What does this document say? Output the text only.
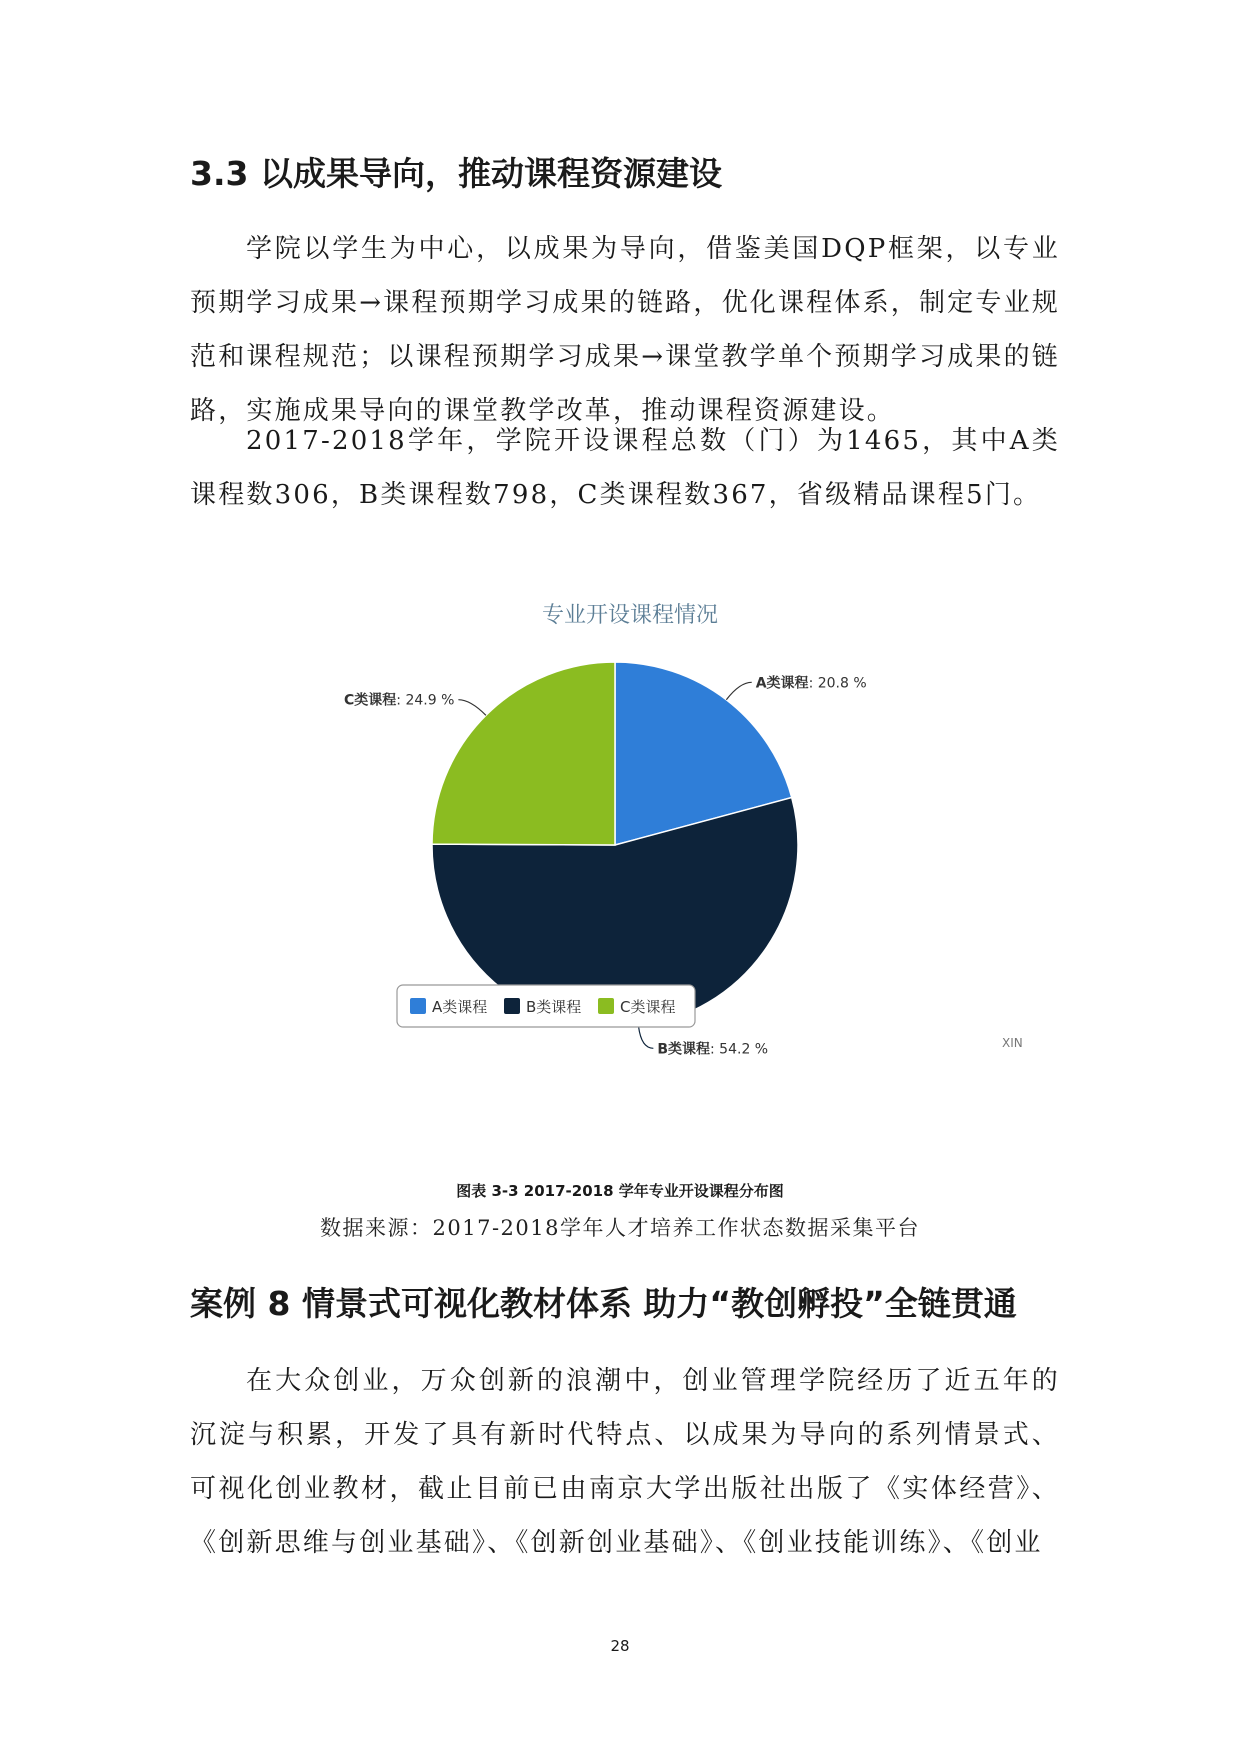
3.3 以成果导向，推动课程资源建设

学院以学生为中心，以成果为导向，借鉴美国DQP框架，以专业预期学习成果→课程预期学习成果的链路，优化课程体系，制定专业规范和课程规范；以课程预期学习成果→课堂教学单个预期学习成果的链路，实施成果导向的课堂教学改革，推动课程资源建设。

2017-2018学年，学院开设课程总数（门）为1465，其中A类课程数306，B类课程数798，C类课程数367，省级精品课程5门。

专业开设课程情况
A类课程: 20.8 %
B类课程: 54.2 %
C类课程: 24.9 %
A类课程	B类课程	C类课程
XIN
图表 3-3 2017-2018 学年专业开设课程分布图
数据来源：2017-2018学年人才培养工作状态数据采集平台
案例 8 情景式可视化教材体系 助力“教创孵投”全链贯通

在大众创业，万众创新的浪潮中，创业管理学院经历了近五年的沉淀与积累，开发了具有新时代特点、以成果为导向的系列情景式、可视化创业教材，截止目前已由南京大学出版社出版了《实体经营》、《创新思维与创业基础》、《创新创业基础》、《创业技能训练》、《创业

28
